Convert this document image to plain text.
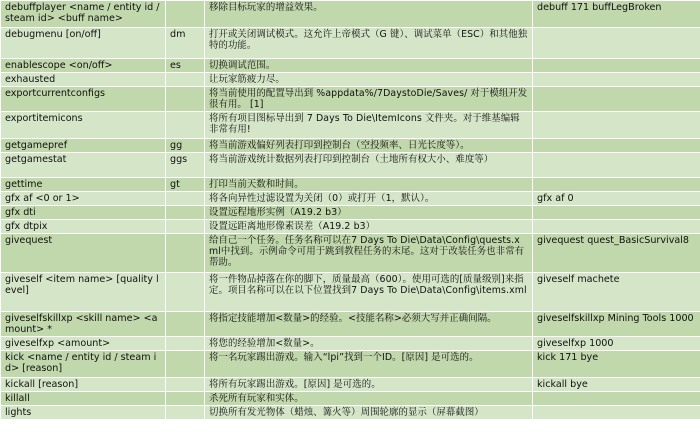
debuffplayer <name / entity id / steam id> <buff name>		移除目标玩家的增益效果。	debuff 171 buffLegBroken
debugmenu [on/off]	dm	打开或关闭调试模式。这允许上帝模式（G 键）、调试菜单（ESC）和其他独特的功能。	
enablescope <on/off>	es	切换调试范围。	
exhausted		让玩家筋疲力尽。	
exportcurrentconfigs		将当前使用的配置导出到 %appdata%/7DaystoDie/Saves/ 对于模组开发很有用。 [1]	
exportitemicons		将所有项目图标导出到 7 Days To Die\ItemIcons 文件夹。对于维基编辑非常有用!	
getgamepref	gg	将当前游戏偏好列表打印到控制台（空投频率、日光长度等）。	
getgamestat	ggs	将当前游戏统计数据列表打印到控制台（土地所有权大小、难度等）	
gettime	gt	打印当前天数和时间。	
gfx af <0 or 1>		将各向异性过滤设置为关闭（0）或打开（1，默认）。	gfx af 0
gfx dti		设置远程地形实例（A19.2 b3）	
gfx dtpix		设置远距离地形像素误差（A19.2 b3）	
givequest		给自己一个任务。任务名称可以在7 Days To Die\Data\Config\quests.xml中找到。示例命令可用于跳到教程任务的末尾。这对于改装任务也非常有帮助。	givequest quest_BasicSurvival8
giveself <item name> [quality level]		将一件物品掉落在你的脚下，质量最高（600）。使用可选的[质量级别]来指定。项目名称可以在以下位置找到7 Days To Die\Data\Config\items.xml	giveself machete
giveselfskillxp <skill name> <amount> *		将指定技能增加<数量>的经验。<技能名称>必须大写并正确间隔。	giveselfskillxp Mining Tools 1000
giveselfxp <amount>		将您的经验增加<数量>。	giveselfxp 1000
kick <name / entity id / steam id> [reason]		将一名玩家踢出游戏。输入“lpi”找到一个ID。[原因] 是可选的。	kick 171 bye
kickall [reason]		将所有玩家踢出游戏。[原因] 是可选的。	kickall bye
killall		杀死所有玩家和实体。	
lights		切换所有发光物体（蜡烛、篝火等）周围轮廓的显示（屏幕截图）	
